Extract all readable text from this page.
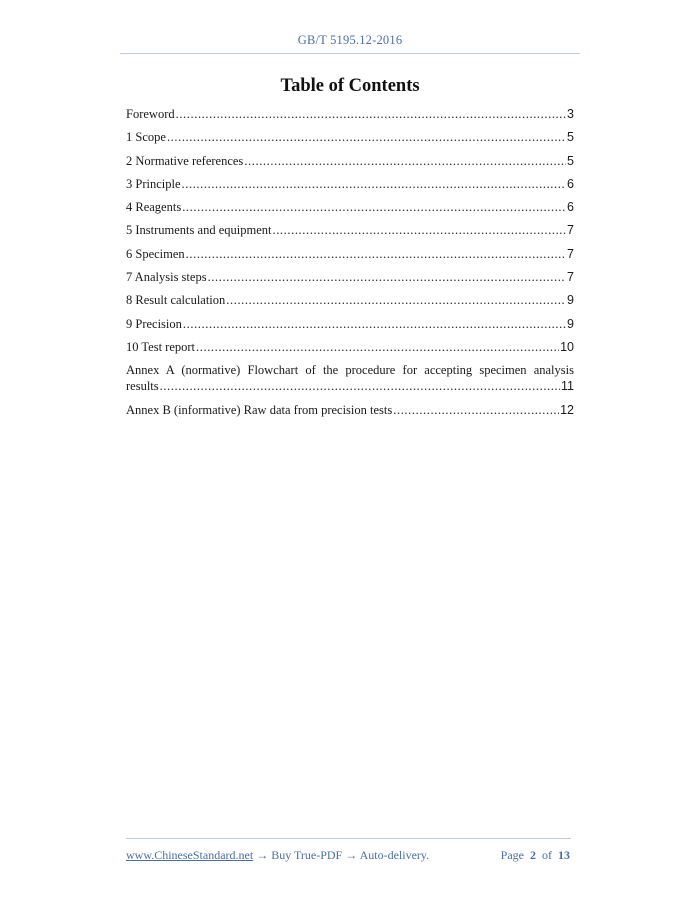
GB/T 5195.12-2016
Table of Contents
Foreword .....	3
1 Scope .....	5
2 Normative references .....	5
3 Principle .....	6
4 Reagents .....	6
5 Instruments and equipment .....	7
6 Specimen .....	7
7 Analysis steps .....	7
8 Result calculation .....	9
9 Precision .....	9
10 Test report .....	10
Annex A (normative) Flowchart of the procedure for accepting specimen analysis
results .....	11
Annex B (informative) Raw data from precision tests .....	12
www.ChineseStandard.net → Buy True-PDF → Auto-delivery.	Page 2 of 13
